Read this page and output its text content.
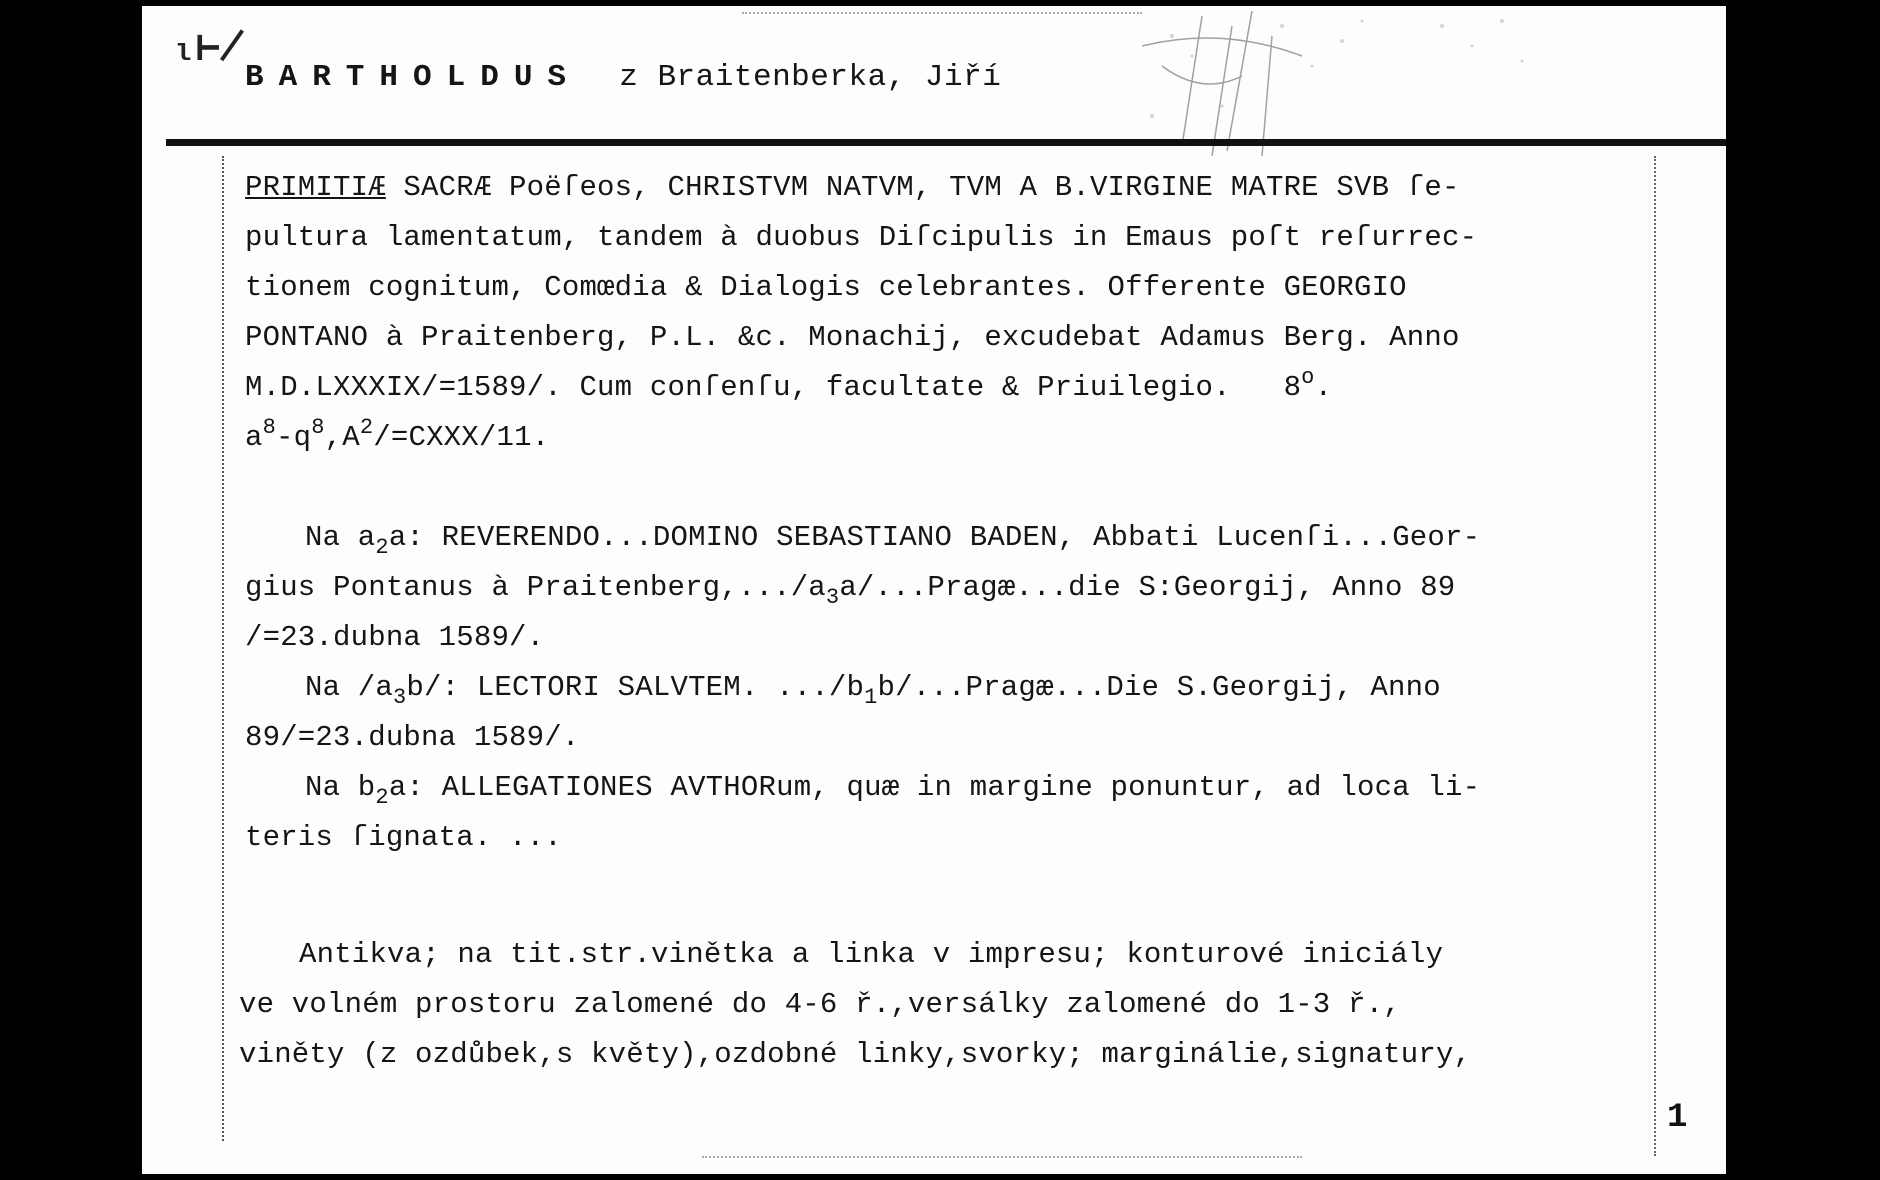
ₗ⊬
BARTHOLDUS z Braitenberka, Jiří
PRIMITIÆ SACRÆ Poëſeos, CHRISTVM NATVM, TVM A B.VIRGINE MATRE SVB ſe-
pultura lamentatum, tandem à duobus Diſcipulis in Emaus poſt reſurrec-
tionem cognitum, Comœdia & Dialogis celebrantes. Offerente GEORGIO
PONTANO à Praitenberg, P.L. &c. Monachij, excudebat Adamus Berg. Anno
M.D.LXXXIX/=1589/. Cum conſenſu, facultate & Priuilegio.   8$^o$.
$a^8-q^8,A^2/=CXXX/11$.
Na $a_2a$: REVERENDO...DOMINO SEBASTIANO BADEN, Abbati Lucenſi...Geor-
gius Pontanus à $Praitenberg,.../a_3a/...Pragæ...die$ S:Georgij, Anno 89
/=23.dubna 1589/.
Na $/a_3b/$: LECTORI SALVTEM. $.../b_1b/...Pragæ...Die$ S.Georgij, Anno
89/=23.dubna 1589/.
Na $b_2a$: ALLEGATIONES AVTHORum, quæ in margine ponuntur, ad loca li-
teris ſignata. ...
Antikva; na tit.str.vinětka a linka v impresu; konturové iniciály
ve volném prostoru zalomené do 4-6 ř.,versálky zalomené do 1-3 ř.,
viněty (z ozdůbek,s květy),ozdobné linky,svorky; marginálie,signatury,
1
